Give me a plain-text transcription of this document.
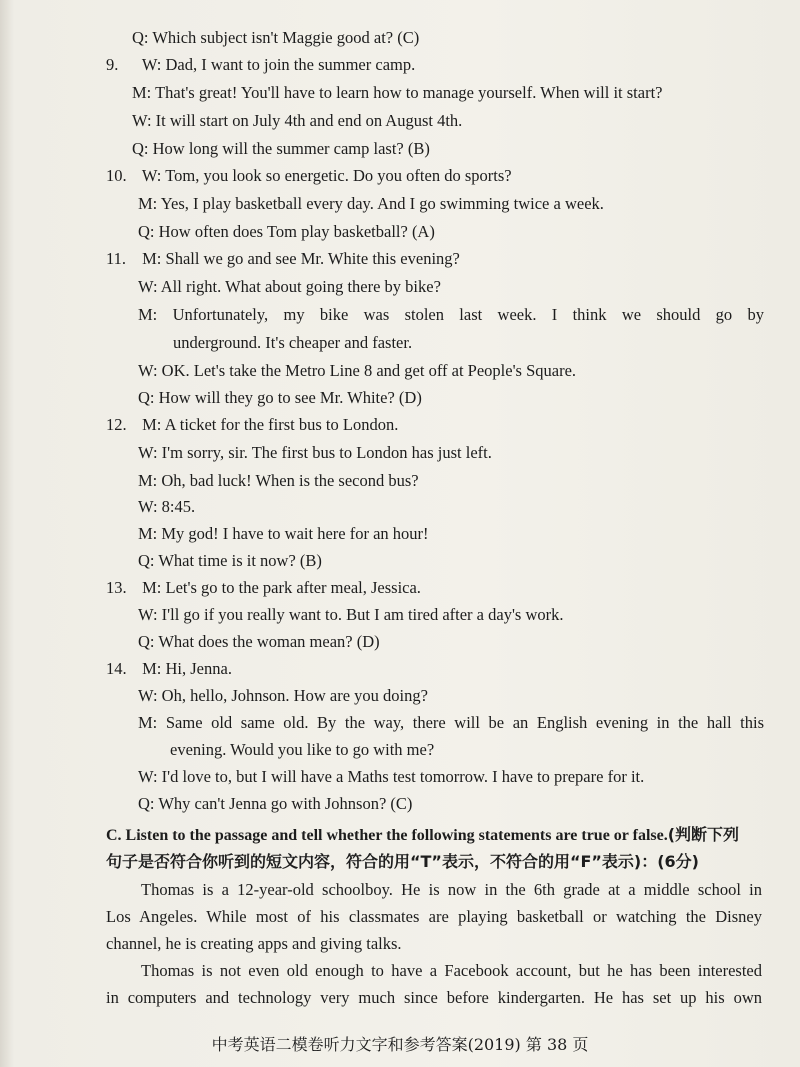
Q: Which subject isn't Maggie good at? (C)
9. W: Dad, I want to join the summer camp.
M: That's great! You'll have to learn how to manage yourself. When will it start?
W: It will start on July 4th and end on August 4th.
Q: How long will the summer camp last? (B)
10. W: Tom, you look so energetic. Do you often do sports?
M: Yes, I play basketball every day. And I go swimming twice a week.
Q: How often does Tom play basketball? (A)
11. M: Shall we go and see Mr. White this evening?
W: All right. What about going there by bike?
M: Unfortunately, my bike was stolen last week. I think we should go by
underground. It's cheaper and faster.
W: OK. Let's take the Metro Line 8 and get off at People's Square.
Q: How will they go to see Mr. White? (D)
12. M: A ticket for the first bus to London.
W: I'm sorry, sir. The first bus to London has just left.
M: Oh, bad luck! When is the second bus?
W: 8:45.
M: My god! I have to wait here for an hour!
Q: What time is it now? (B)
13. M: Let's go to the park after meal, Jessica.
W: I'll go if you really want to. But I am tired after a day's work.
Q: What does the woman mean? (D)
14. M: Hi, Jenna.
W: Oh, hello, Johnson. How are you doing?
M: Same old same old. By the way, there will be an English evening in the hall this
evening. Would you like to go with me?
W: I'd love to, but I will have a Maths test tomorrow. I have to prepare for it.
Q: Why can't Jenna go with Johnson? (C)
C. Listen to the passage and tell whether the following statements are true or false.(判断下列
句子是否符合你听到的短文内容，符合的用“T”表示，不符合的用“F”表示)：(6分)
Thomas is a 12-year-old schoolboy. He is now in the 6th grade at a middle school in
Los Angeles. While most of his classmates are playing basketball or watching the Disney
channel, he is creating apps and giving talks.
Thomas is not even old enough to have a Facebook account, but he has been interested
in computers and technology very much since before kindergarten. He has set up his own
中考英语二模卷听力文字和参考答案(2019) 第 38 页
